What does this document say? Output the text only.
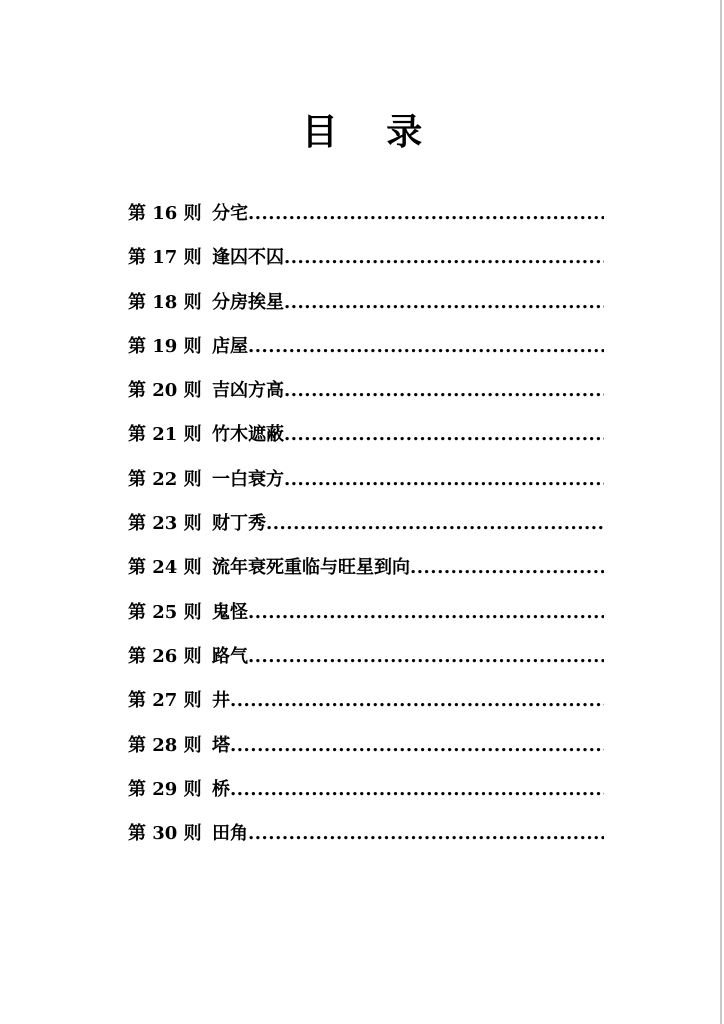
目 录
第 16 则 分宅
.....
第 17 则 逢囚不囚
.....
第 18 则 分房挨星
.....
第 19 则 店屋
.....
第 20 则 吉凶方高
.....
第 21 则 竹木遮蔽
.....
第 22 则 一白衰方
.....
第 23 则 财丁秀
.....
第 24 则 流年衰死重临与旺星到向
.....
第 25 则 鬼怪
.....
第 26 则 路气
.....
第 27 则 井
.....
第 28 则 塔
.....
第 29 则 桥
.....
第 30 则 田角
.....
